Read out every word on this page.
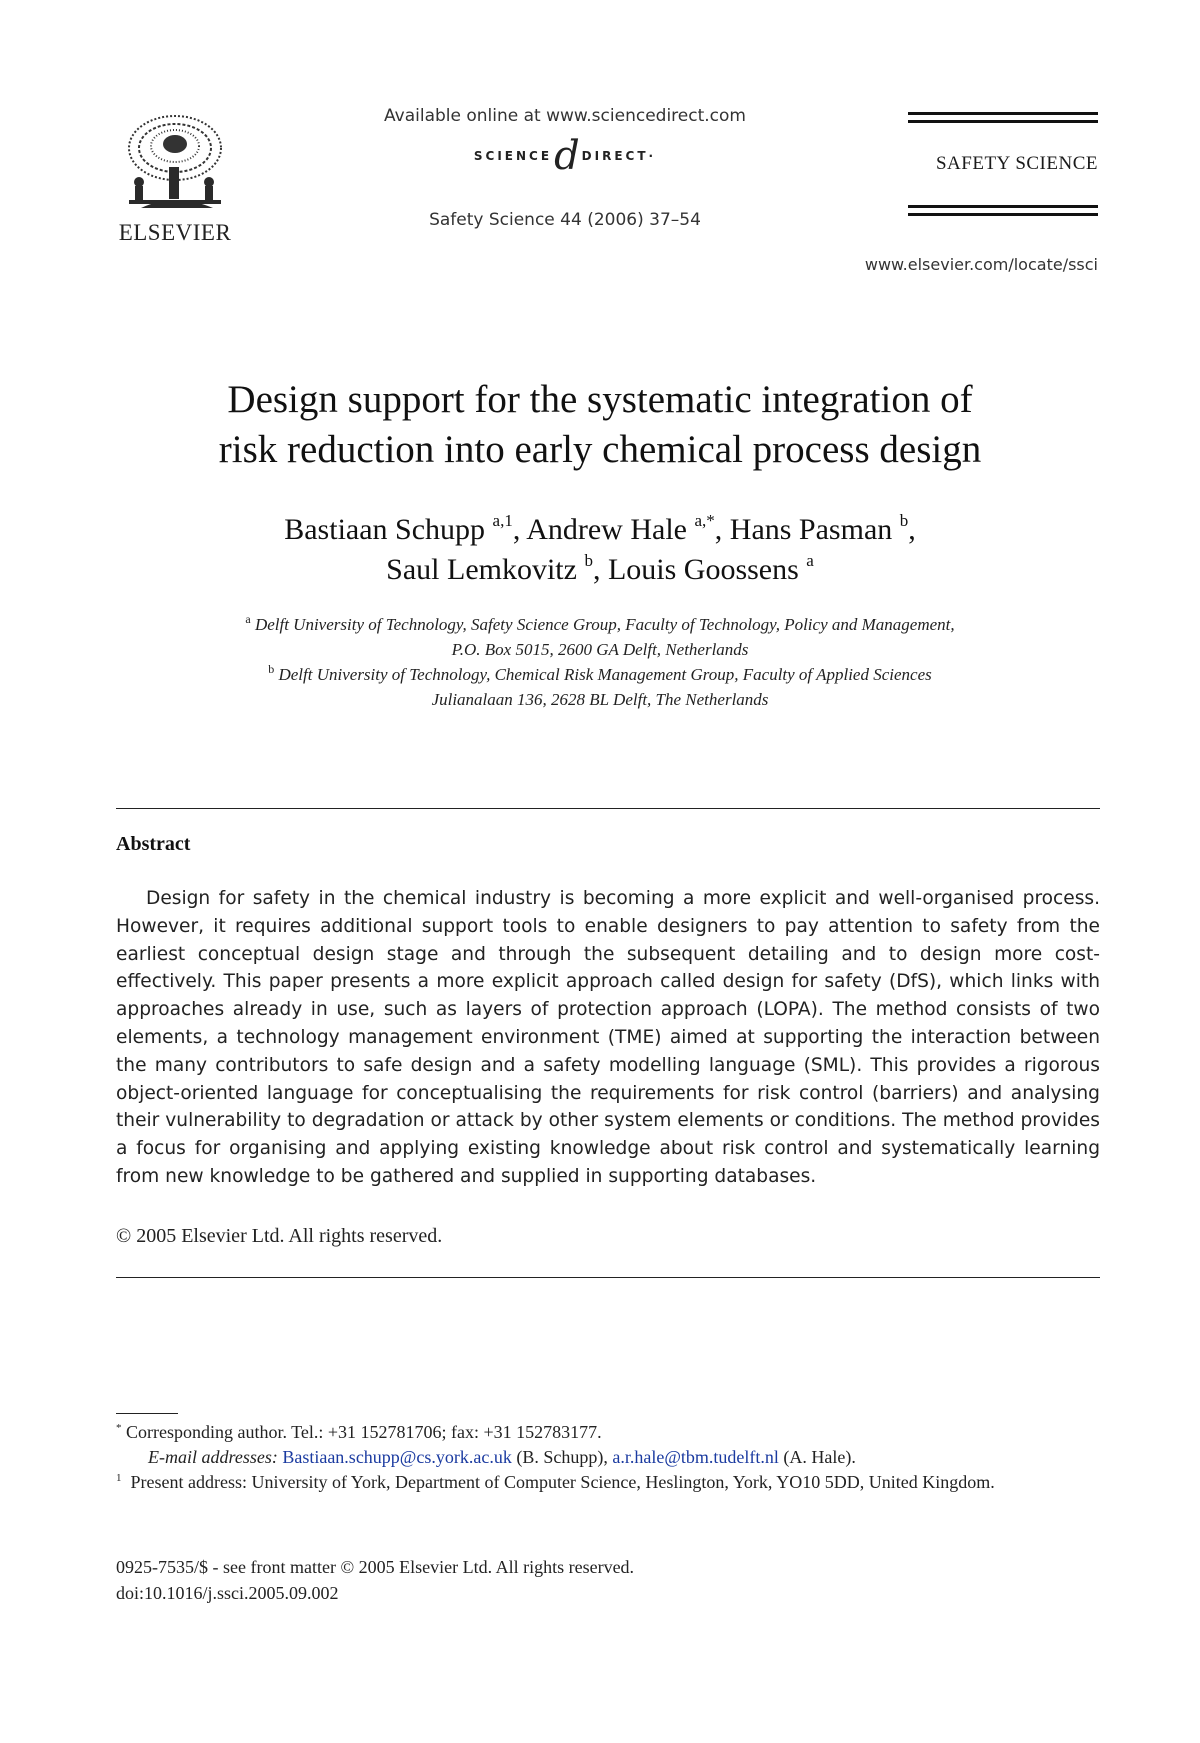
ELSEVIER
Available online at www.sciencedirect.com
SCIENCE d DIRECT·
Safety Science 44 (2006) 37–54
SAFETY SCIENCE
www.elsevier.com/locate/ssci
Design support for the systematic integration of
risk reduction into early chemical process design
Bastiaan Schupp $^{a,1}$, Andrew Hale $^{a,*}$, Hans Pasman $^b$,
Saul Lemkovitz $^b$, Louis Goossens $^a$
$^a$ Delft University of Technology, Safety Science Group, Faculty of Technology, Policy and Management,
P.O. Box 5015, 2600 GA Delft, Netherlands
$^b$ Delft University of Technology, Chemical Risk Management Group, Faculty of Applied Sciences
Julianalaan 136, 2628 BL Delft, The Netherlands
Abstract
Design for safety in the chemical industry is becoming a more explicit and well-organised process. However, it requires additional support tools to enable designers to pay attention to safety from the earliest conceptual design stage and through the subsequent detailing and to design more cost-effectively. This paper presents a more explicit approach called design for safety (DfS), which links with approaches already in use, such as layers of protection approach (LOPA). The method consists of two elements, a technology management environment (TME) aimed at supporting the interaction between the many contributors to safe design and a safety modelling language (SML). This provides a rigorous object-oriented language for conceptualising the requirements for risk control (barriers) and analysing their vulnerability to degradation or attack by other system elements or conditions. The method provides a focus for organising and applying existing knowledge about risk control and systematically learning from new knowledge to be gathered and supplied in supporting databases.
© 2005 Elsevier Ltd. All rights reserved.
* Corresponding author. Tel.: +31 152781706; fax: +31 152783177.
E-mail addresses: Bastiaan.schupp@cs.york.ac.uk (B. Schupp), a.r.hale@tbm.tudelft.nl (A. Hale).
$^1$ Present address: University of York, Department of Computer Science, Heslington, York, YO10 5DD, United Kingdom.
0925-7535/$ - see front matter © 2005 Elsevier Ltd. All rights reserved.
doi:10.1016/j.ssci.2005.09.002
